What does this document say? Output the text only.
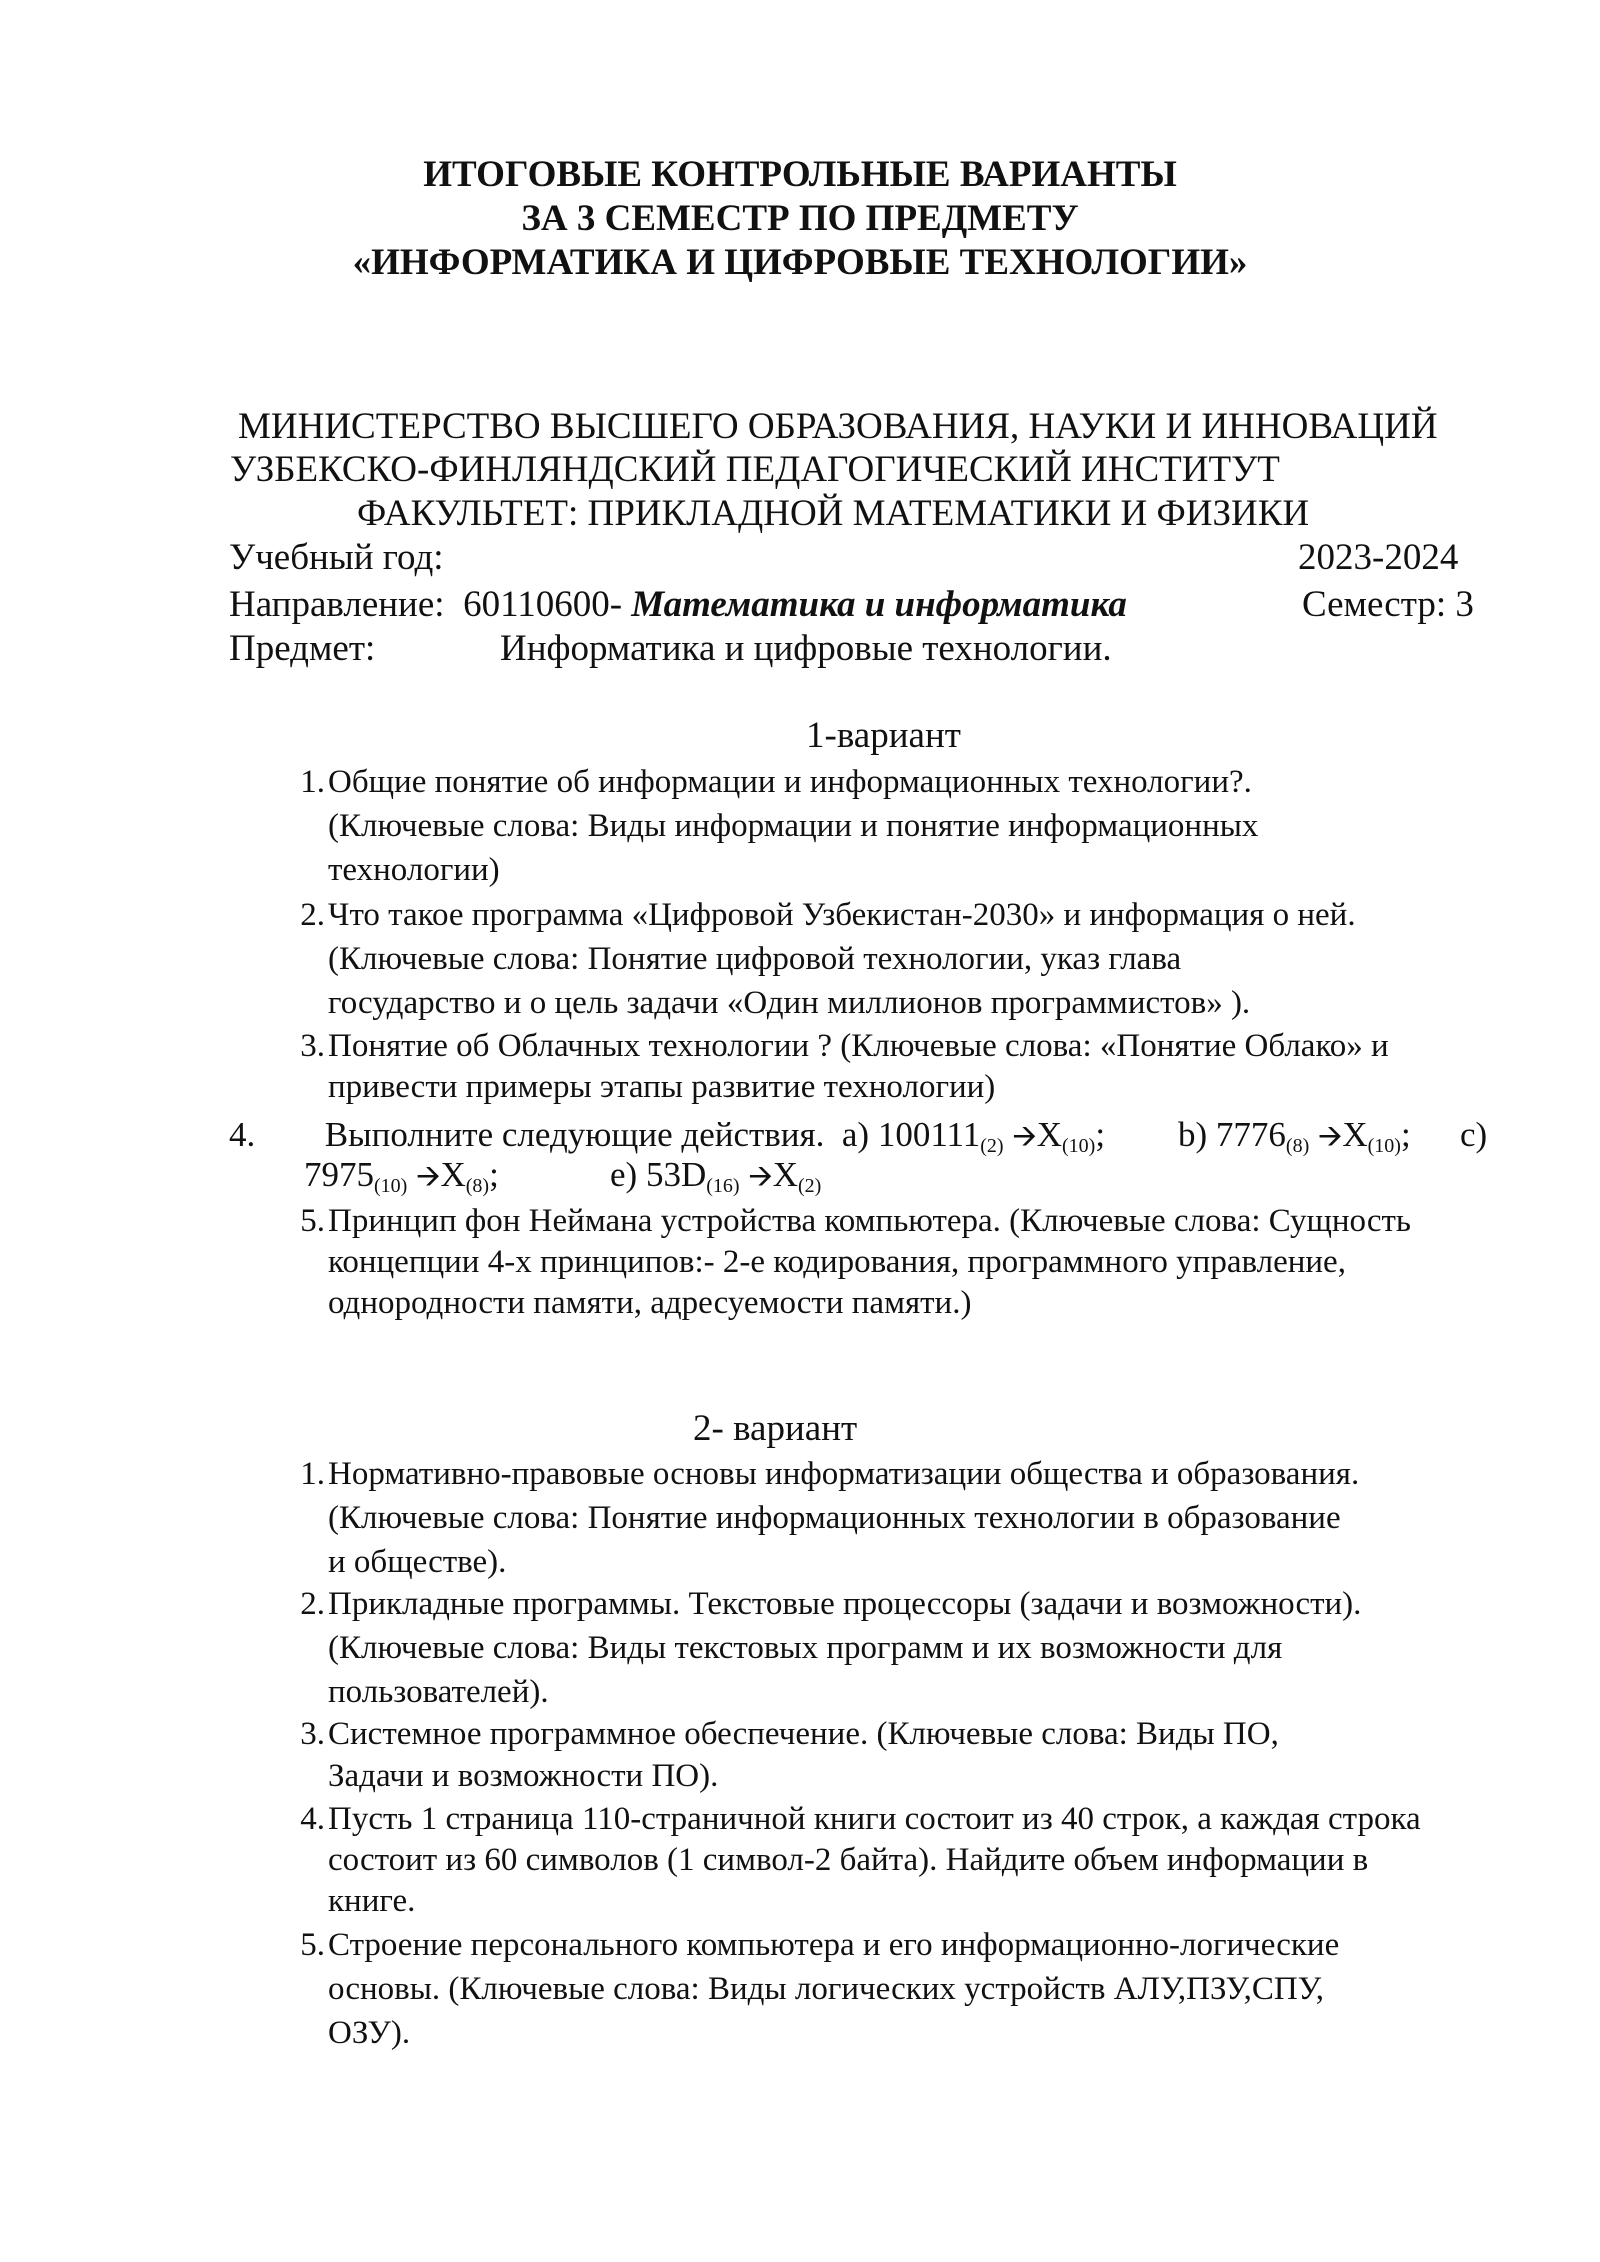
ИТОГОВЫЕ КОНТРОЛЬНЫЕ ВАРИАНТЫ
ЗА 3 СЕМЕСТР ПО ПРЕДМЕТУ
«ИНФОРМАТИКА И ЦИФРОВЫЕ ТЕХНОЛОГИИ»
МИНИСТЕРСТВО ВЫСШЕГО ОБРАЗОВАНИЯ, НАУКИ И ИННОВАЦИЙ
УЗБЕКСКО-ФИНЛЯНДСКИЙ ПЕДАГОГИЧЕСКИЙ ИНСТИТУТ
ФАКУЛЬТЕТ: ПРИКЛАДНОЙ МАТЕМАТИКИ И ФИЗИКИ
Учебный год:	2023-2024
Направление: 60110600- Математика и информатика	Семестр: 3
Предмет:	Информатика и цифровые технологии.
1-вариант
1. Общие понятие об информации и информационных технологии?.
(Ключевые слова: Виды информации и понятие информационных
технологии)
2. Что такое программа «Цифровой Узбекистан-2030» и информация о ней.
(Ключевые слова: Понятие цифровой технологии, указ глава
государство и о цель задачи «Один миллионов программистов» ).
3. Понятие об Облачных технологии ? (Ключевые слова: «Понятие Облако» и
привести примеры этапы развитие технологии)
4. Выполните следующие действия. a) $100111_{(2)}$ $🡪X_{(10)}$; b) $7776_{(8)}$ $🡪X_{(10)}$; c)
$7975_{(10)}$ $🡪X_{(8)}$;	e) $53D_{(16)}$ $🡪X_{(2)}$
5. Принцип фон Неймана устройства компьютера. (Ключевые слова: Сущность
концепции 4-х принципов:- 2-е кодирования, программного управление,
однородности памяти, адресуемости памяти.)
2- вариант
1. Нормативно-правовые основы информатизации общества и образования.
(Ключевые слова: Понятие информационных технологии в образование
и обществе).
2. Прикладные программы. Текстовые процессоры (задачи и возможности).
(Ключевые слова: Виды текстовых программ и их возможности для
пользователей).
3. Системное программное обеспечение. (Ключевые слова: Виды ПО,
Задачи и возможности ПО).
4. Пусть 1 страница 110-страничной книги состоит из 40 строк, а каждая строка
состоит из 60 символов (1 символ-2 байта). Найдите объем информации в
книге.
5. Строение персонального компьютера и его информационно-логические
основы. (Ключевые слова: Виды логических устройств АЛУ,ПЗУ,СПУ,
ОЗУ).
